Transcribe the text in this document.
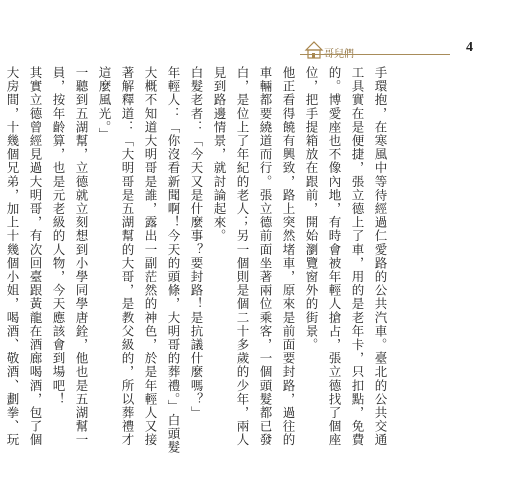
哥兒們	4

手環抱，在寒風中等待經過仁愛路的公共汽車。臺北的公共交通工具實在是便捷，張立德上了車，用的是老年卡，只扣點，免費的。博愛座也不像內地，有時會被年輕人搶占，張立德找了個座位，把手提箱放在跟前，開始瀏覽窗外的街景。

他正看得饒有興致，路上突然堵車，原來是前面要封路，過往的車輛都要繞道而行。張立德前面坐著兩位乘客，一個頭髮都已發白，是位上了年紀的老人；另一個則是個二十多歲的少年，兩人見到路邊情景，就討論起來。

白髮老者：「今天又是什麼事？要封路！是抗議什麼嗎？」

年輕人：「你沒看新聞啊！今天的頭條，大明哥的葬禮。」白頭髮大概不知道大明哥是誰，露出一副茫然的神色，於是年輕人又接著解釋道：「大明哥是五湖幫的大哥，是教父級的，所以葬禮才這麼風光。」

一聽到五湖幫，立德就立刻想到小學同學唐銓，他也是五湖幫一員，按年齡算，也是元老級的人物，今天應該會到場吧！

其實立德曾經見過大明哥，有次回臺跟黃龍在酒廊喝酒，包了個大房間，十幾個兄弟，加上十幾個小姐，喝酒、敬酒、劃拳、玩
